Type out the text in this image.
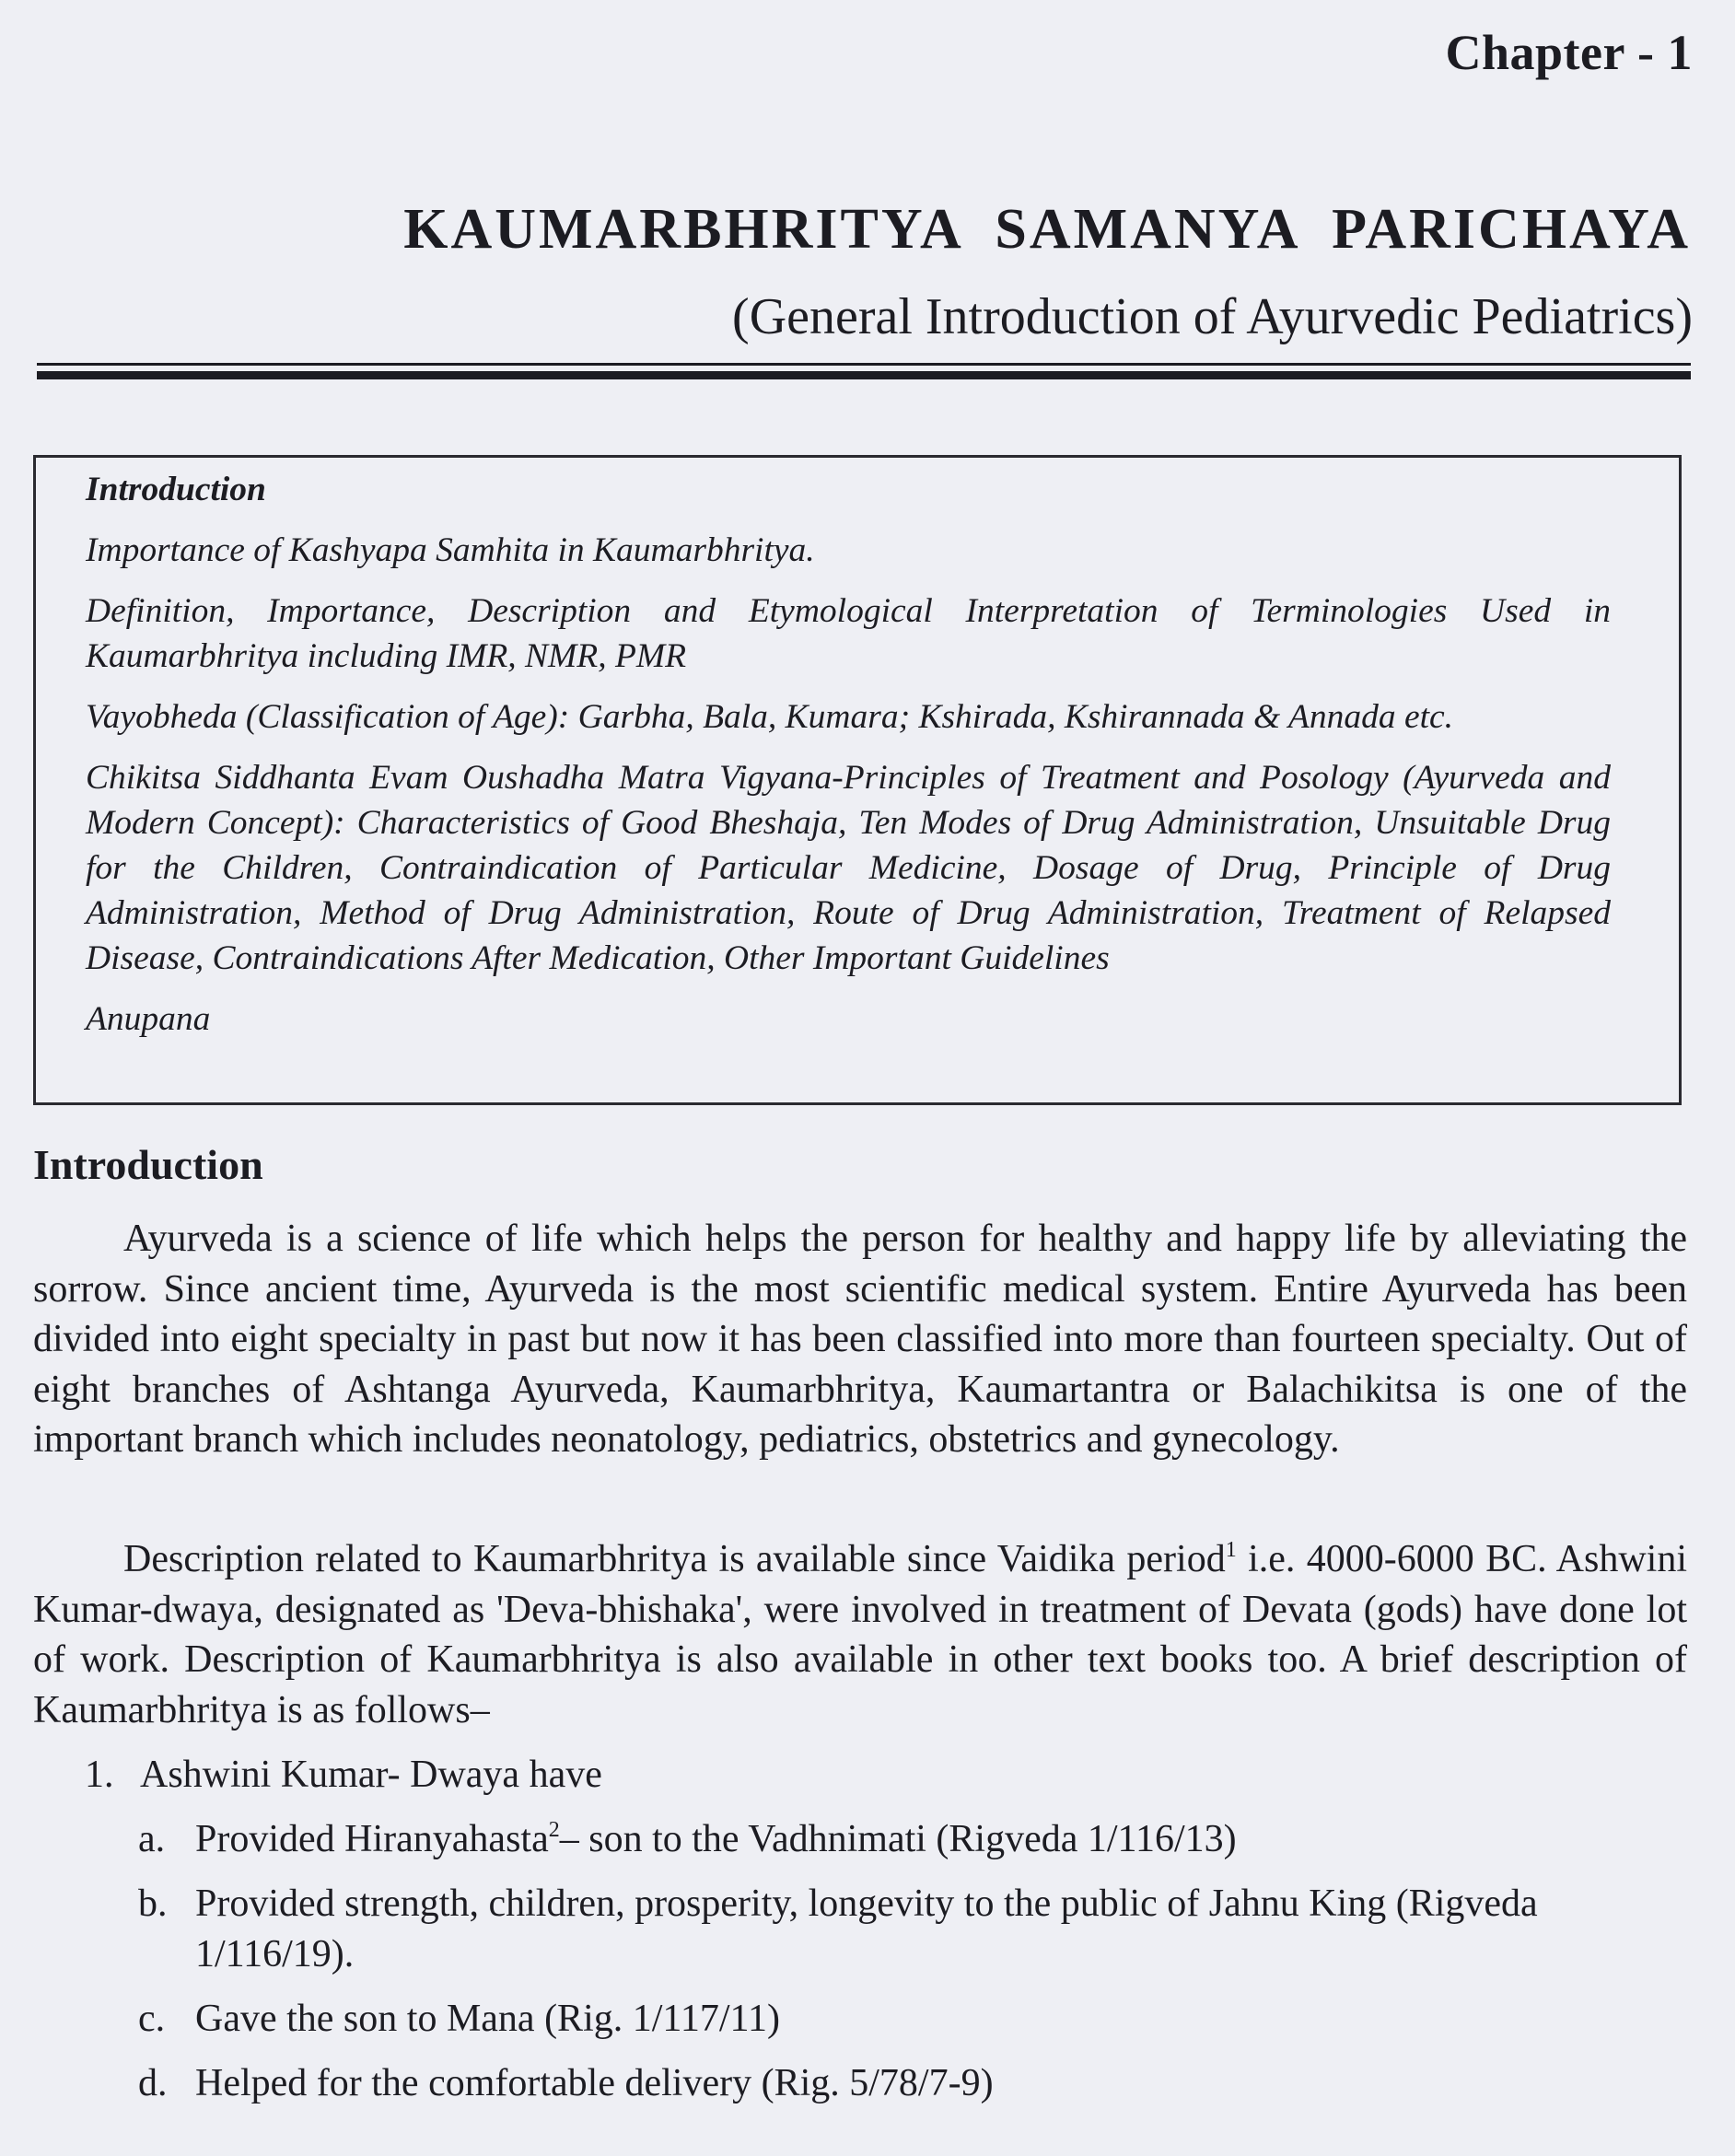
Chapter - 1
KAUMARBHRITYA  SAMANYA  PARICHAYA
(General Introduction of Ayurvedic Pediatrics)
Introduction
Importance of Kashyapa Samhita in Kaumarbhritya.
Definition, Importance, Description and Etymological Interpretation of Terminologies Used in Kaumarbhritya including IMR, NMR, PMR
Vayobheda (Classification of Age): Garbha, Bala, Kumara; Kshirada, Kshirannada & Annada etc.
Chikitsa Siddhanta Evam Oushadha Matra Vigyana-Principles of Treatment and Posology (Ayurveda and Modern Concept): Characteristics of Good Bheshaja, Ten Modes of Drug Administration, Unsuitable Drug for the Children, Contraindication of Particular Medicine, Dosage of Drug, Principle of Drug Administration, Method of Drug Administration, Route of Drug Administration, Treatment of Relapsed Disease, Contraindications After Medication, Other Important Guidelines
Anupana
Introduction

Ayurveda is a science of life which helps the person for healthy and happy life by alleviating the sorrow. Since ancient time, Ayurveda is the most scientific medical system. Entire Ayurveda has been divided into eight specialty in past but now it has been classified into more than fourteen specialty. Out of eight branches of Ashtanga Ayurveda, Kaumarbhritya, Kaumartantra or Balachikitsa is one of the important branch which includes neonatology, pediatrics, obstetrics and gynecology.

Description related to Kaumarbhritya is available since Vaidika period$^1$ i.e. 4000-6000 BC. Ashwini Kumar-dwaya, designated as 'Deva-bhishaka', were involved in treatment of Devata (gods) have done lot of work. Description of Kaumarbhritya is also available in other text books too. A brief description of Kaumarbhritya is as follows–

1. Ashwini Kumar- Dwaya have
a. Provided Hiranyahasta$^2$– son to the Vadhnimati (Rigveda 1/116/13)
b. Provided strength, children, prosperity, longevity to the public of Jahnu King (Rigveda 1/116/19).
c. Gave the son to Mana (Rig. 1/117/11)
d. Helped for the comfortable delivery (Rig. 5/78/7-9)
